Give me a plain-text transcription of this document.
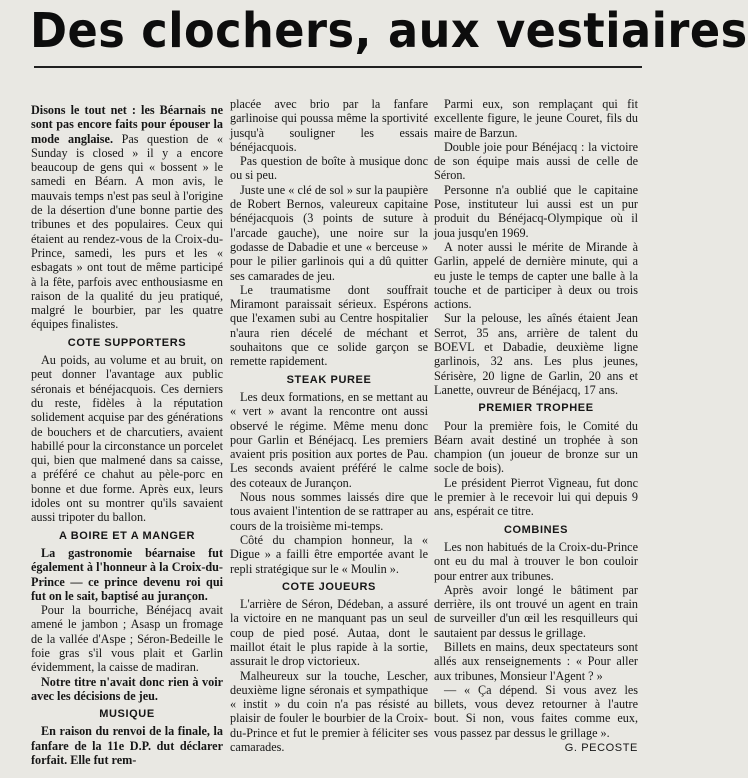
Des clochers, aux vestiaires

Disons le tout net : les Béarnais ne sont pas encore faits pour épouser la mode anglaise. Pas question de « Sunday is closed » il y a encore beaucoup de gens qui « bossent » le samedi en Béarn. A mon avis, le mauvais temps n'est pas seul à l'origine de la désertion d'une bonne partie des tribunes et des populaires. Ceux qui étaient au rendez-vous de la Croix-du-Prince, samedi, les purs et les « esbagats » ont tout de même participé à la fête, parfois avec enthousiasme en raison de la qualité du jeu pratiqué, malgré le bourbier, par les quatre équipes finalistes.

COTE SUPPORTERS

Au poids, au volume et au bruit, on peut donner l'avantage aux public séronais et bénéjacquois. Ces derniers du reste, fidèles à la réputation solidement acquise par des générations de bouchers et de charcutiers, avaient habillé pour la circonstance un porcelet qui, bien que malmené dans sa caisse, a préféré ce chahut au pèle-porc en bonne et due forme. Après eux, leurs idoles ont su montrer qu'ils savaient aussi tripoter du ballon.

A BOIRE ET A MANGER

La gastronomie béarnaise fut également à l'honneur à la Croix-du-Prince — ce prince devenu roi qui fut on le sait, baptisé au jurançon.

Pour la bourriche, Bénéjacq avait amené le jambon ; Asasp un fromage de la vallée d'Aspe ; Séron-Bedeille le foie gras s'il vous plait et Garlin évidemment, la caisse de madiran.

Notre titre n'avait donc rien à voir avec les décisions de jeu.

MUSIQUE

En raison du renvoi de la finale, la fanfare de la 11e D.P. dut déclarer forfait. Elle fut rem-

placée avec brio par la fanfare garlinoise qui poussa même la sportivité jusqu'à souligner les essais bénéjacquois.

Pas question de boîte à musique donc ou si peu.

Juste une « clé de sol » sur la paupière de Robert Bernos, valeureux capitaine bénéjacquois (3 points de suture à l'arcade gauche), une noire sur la godasse de Dabadie et une « berceuse » pour le pilier garlinois qui a dû quitter ses camarades de jeu.

Le traumatisme dont souffrait Miramont paraissait sérieux. Espérons que l'examen subi au Centre hospitalier n'aura rien décelé de méchant et souhaitons que ce solide garçon se remette rapidement.

STEAK PUREE

Les deux formations, en se mettant au « vert » avant la rencontre ont aussi observé le régime. Même menu donc pour Garlin et Bénéjacq. Les premiers avaient pris position aux portes de Pau. Les seconds avaient préféré le calme des coteaux de Jurançon.

Nous nous sommes laissés dire que tous avaient l'intention de se rattraper au cours de la troisième mi-temps.

Côté du champion honneur, la « Digue » a failli être emportée avant le repli stratégique sur le « Moulin ».

COTE JOUEURS

L'arrière de Séron, Dédeban, a assuré la victoire en ne manquant pas un seul coup de pied posé. Autaa, dont le maillot était le plus rapide à la sortie, assurait le drop victorieux.

Malheureux sur la touche, Lescher, deuxième ligne séronais et sympathique « instit » du coin n'a pas résisté au plaisir de fouler le bourbier de la Croix-du-Prince et fut le premier à féliciter ses camarades.

Parmi eux, son remplaçant qui fit excellente figure, le jeune Couret, fils du maire de Barzun.

Double joie pour Bénéjacq : la victoire de son équipe mais aussi de celle de Séron.

Personne n'a oublié que le capitaine Pose, instituteur lui aussi est un pur produit du Bénéjacq-Olympique où il joua jusqu'en 1969.

A noter aussi le mérite de Mirande à Garlin, appelé de dernière minute, qui a eu juste le temps de capter une balle à la touche et de participer à deux ou trois actions.

Sur la pelouse, les aînés étaient Jean Serrot, 35 ans, arrière de talent du BOEVL et Dabadie, deuxième ligne garlinois, 32 ans. Les plus jeunes, Sérisère, 20 ligne de Garlin, 20 ans et Lanette, ouvreur de Bénéjacq, 17 ans.

PREMIER TROPHEE

Pour la première fois, le Comité du Béarn avait destiné un trophée à son champion (un joueur de bronze sur un socle de bois).

Le président Pierrot Vigneau, fut donc le premier à le recevoir lui qui depuis 9 ans, espérait ce titre.

COMBINES

Les non habitués de la Croix-du-Prince ont eu du mal à trouver le bon couloir pour entrer aux tribunes.

Après avoir longé le bâtiment par derrière, ils ont trouvé un agent en train de surveiller d'un œil les resquilleurs qui sautaient par dessus le grillage.

Billets en mains, deux spectateurs sont allés aux renseignements : « Pour aller aux tribunes, Monsieur l'Agent ? »

— « Ça dépend. Si vous avez les billets, vous devez retourner à l'autre bout. Si non, vous faites comme eux, vous passez par dessus le grillage ».

G. PECOSTE
